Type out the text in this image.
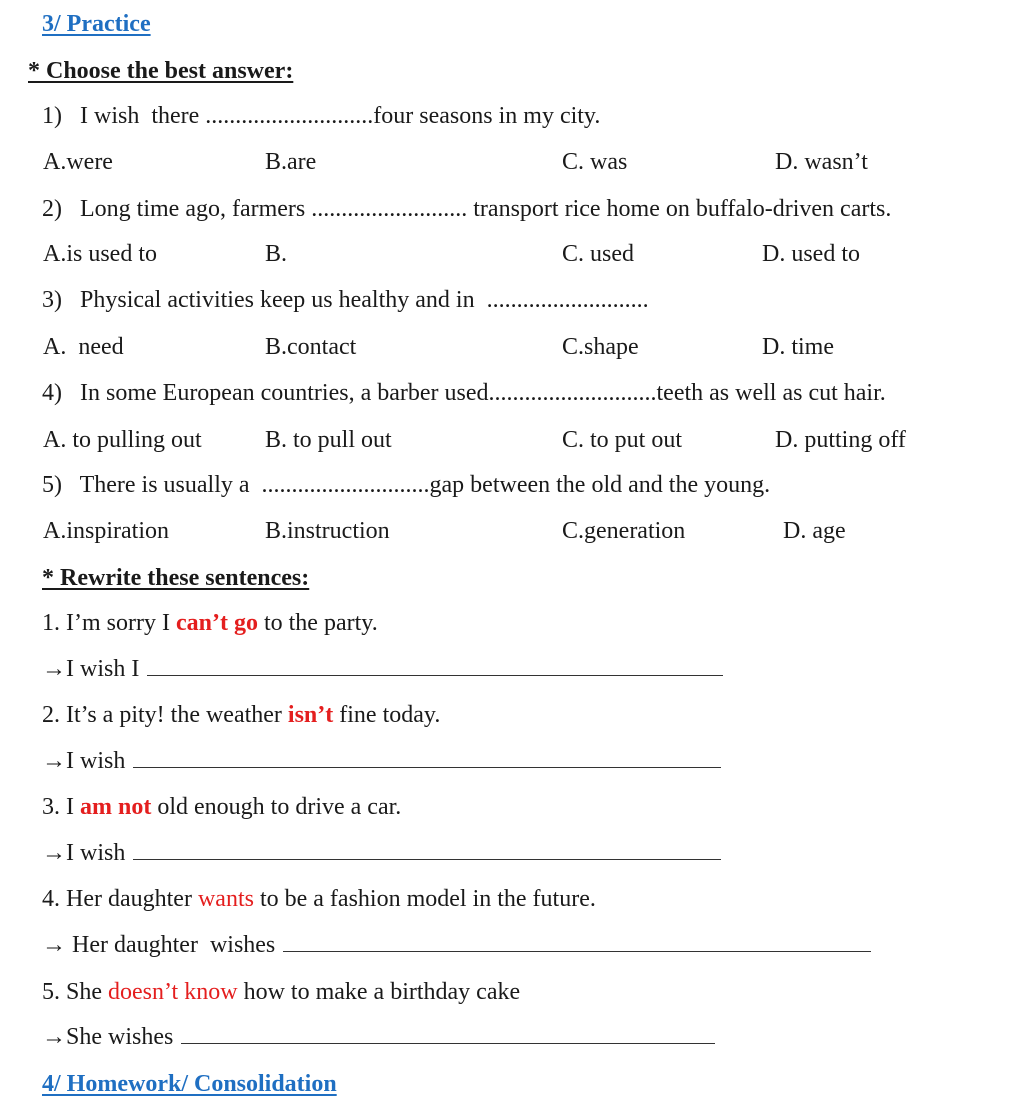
3/ Practice
* Choose the best answer:
1) I wish  there ............................four seasons in my city.
A.were	B.are	C. was	D. wasn’t
2) Long time ago, farmers .......................... transport rice home on buffalo-driven carts.
A.is used to	B.	C. used	D. used to
3) Physical activities keep us healthy and in ...........................
A.  need	B.contact	C.shape	D. time
4) In some European countries, a barber used............................teeth as well as cut hair.
A. to pulling out	B. to pull out	C. to put out	D. putting off
5) There is usually a ............................gap between the old and the young.
A.inspiration	B.instruction	C.generation	D. age
* Rewrite these sentences:
1. I’m sorry I can’t go to the party.
→I wish I
2. It’s a pity! the weather isn’t fine today.
→I wish
3. I am not old enough to drive a car.
→I wish
4. Her daughter wants to be a fashion model in the future.
→ Her daughter  wishes
5. She doesn’t know how to make a birthday cake
→She wishes
4/ Homework/ Consolidation
